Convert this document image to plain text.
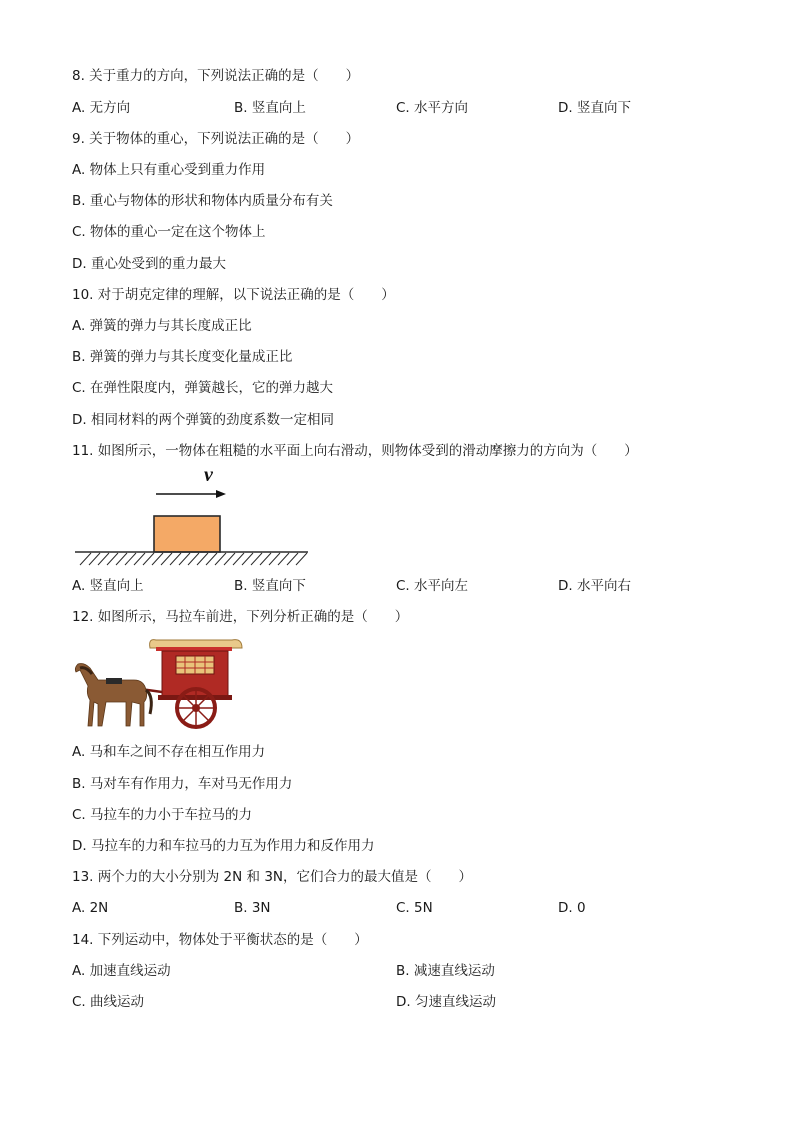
8. 关于重力的方向，下列说法正确的是（　　）
A. 无方向	B. 竖直向上	C. 水平方向	D. 竖直向下
9. 关于物体的重心，下列说法正确的是（　　）
A. 物体上只有重心受到重力作用
B. 重心与物体的形状和物体内质量分布有关
C. 物体的重心一定在这个物体上
D. 重心处受到的重力最大
10. 对于胡克定律的理解，以下说法正确的是（　　）
A. 弹簧的弹力与其长度成正比
B. 弹簧的弹力与其长度变化量成正比
C. 在弹性限度内，弹簧越长，它的弹力越大
D. 相同材料的两个弹簧的劲度系数一定相同
11. 如图所示，一物体在粗糙的水平面上向右滑动，则物体受到的滑动摩擦力的方向为（　　）
v
A. 竖直向上	B. 竖直向下	C. 水平向左	D. 水平向右
12. 如图所示，马拉车前进，下列分析正确的是（　　）
A. 马和车之间不存在相互作用力
B. 马对车有作用力，车对马无作用力
C. 马拉车的力小于车拉马的力
D. 马拉车的力和车拉马的力互为作用力和反作用力
13. 两个力的大小分别为 2N 和 3N，它们合力的最大值是（　　）
A. 2N	B. 3N	C. 5N	D. 0
14. 下列运动中，物体处于平衡状态的是（　　）
A. 加速直线运动	B. 减速直线运动
C. 曲线运动	D. 匀速直线运动
